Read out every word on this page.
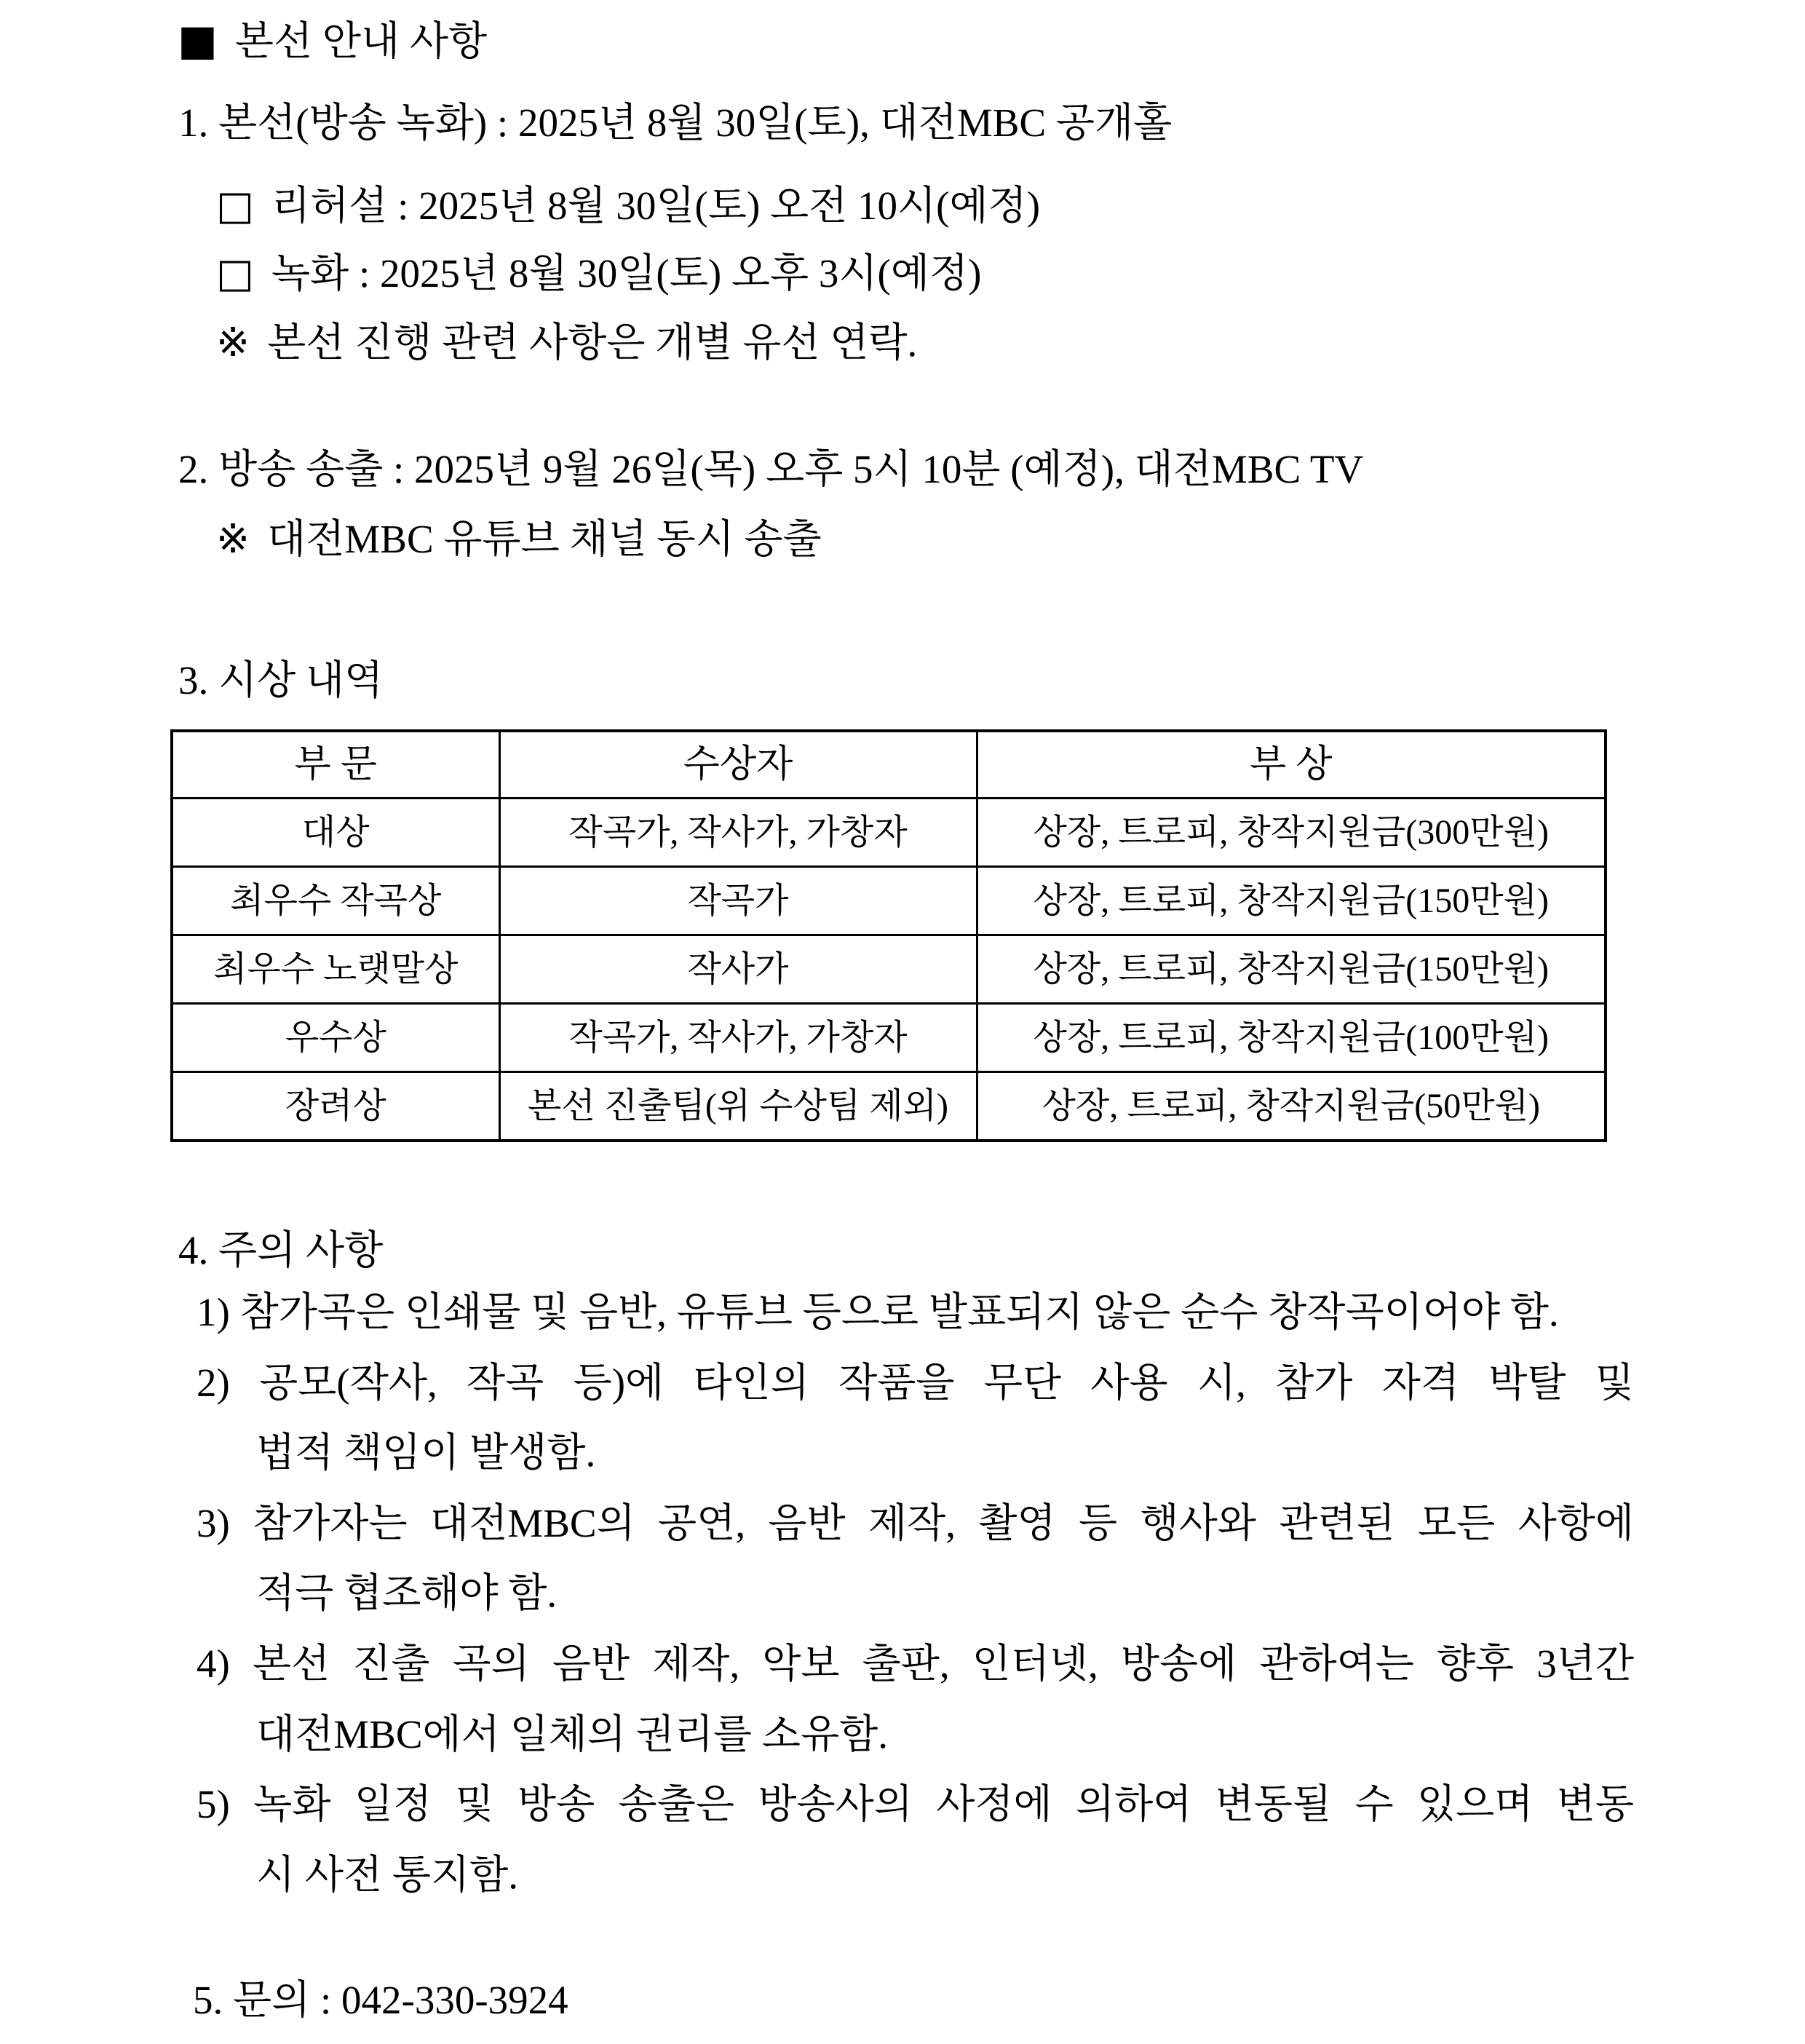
■ 본선 안내 사항
1. 본선(방송 녹화) : 2025년 8월 30일(토), 대전MBC 공개홀
□ 리허설 : 2025년 8월 30일(토) 오전 10시(예정)
□ 녹화 : 2025년 8월 30일(토) 오후 3시(예정)
※ 본선 진행 관련 사항은 개별 유선 연락.
2. 방송 송출 : 2025년 9월 26일(목) 오후 5시 10분 (예정), 대전MBC TV
※ 대전MBC 유튜브 채널 동시 송출
3. 시상 내역
부 문	수상자	부 상
대상	작곡가, 작사가, 가창자	상장, 트로피, 창작지원금(300만원)
최우수 작곡상	작곡가	상장, 트로피, 창작지원금(150만원)
최우수 노랫말상	작사가	상장, 트로피, 창작지원금(150만원)
우수상	작곡가, 작사가, 가창자	상장, 트로피, 창작지원금(100만원)
장려상	본선 진출팀(위 수상팀 제외)	상장, 트로피, 창작지원금(50만원)
4. 주의 사항
1) 참가곡은 인쇄물 및 음반, 유튜브 등으로 발표되지 않은 순수 창작곡이어야 함.
2) 공모(작사, 작곡 등)에 타인의 작품을 무단 사용 시, 참가 자격 박탈 및
법적 책임이 발생함.
3) 참가자는 대전MBC의 공연, 음반 제작, 촬영 등 행사와 관련된 모든 사항에
적극 협조해야 함.
4) 본선 진출 곡의 음반 제작, 악보 출판, 인터넷, 방송에 관하여는 향후 3년간
대전MBC에서 일체의 권리를 소유함.
5) 녹화 일정 및 방송 송출은 방송사의 사정에 의하여 변동될 수 있으며 변동
시 사전 통지함.
5. 문의 : 042-330-3924
